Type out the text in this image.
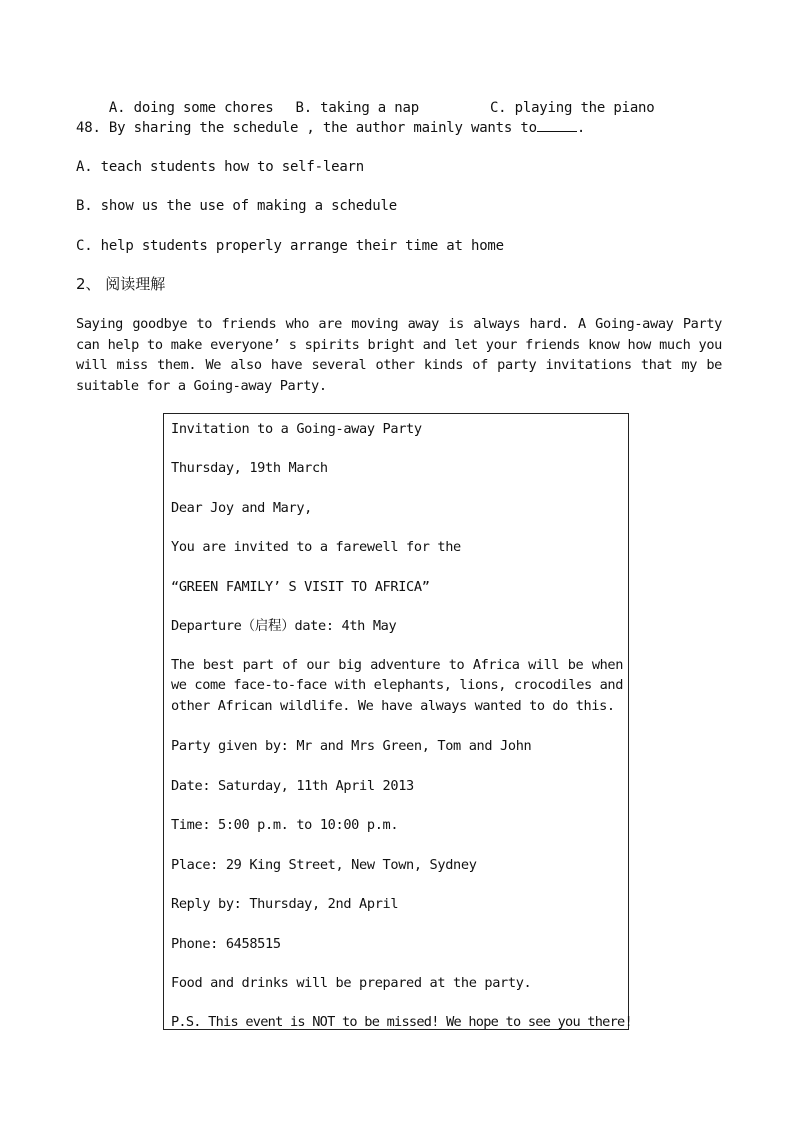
A. doing some chores B. taking a nap	C. playing the piano

48. By sharing the schedule , the author mainly wants to	.
A. teach students how to self-learn
B. show us the use of making a schedule
C. help students properly arrange their time at home
2、 阅读理解
Saying goodbye to friends who are moving away is always hard. A Going-away Party can help to make everyone’ s spirits bright and let your friends know how much you will miss them. We also have several other kinds of party invitations that my be suitable for a Going-away Party.
Invitation to a Going-away Party
Thursday, 19th March
Dear Joy and Mary,
You are invited to a farewell for the
“GREEN FAMILY’ S VISIT TO AFRICA”
Departure（启程）date: 4th May
The best part of our big adventure to Africa will be when we come face-to-face with elephants, lions, crocodiles and other African wildlife. We have always wanted to do this.
Party given by: Mr and Mrs Green, Tom and John
Date: Saturday, 11th April 2013
Time: 5:00 p.m. to 10:00 p.m.
Place: 29 King Street, New Town, Sydney
Reply by: Thursday, 2nd April
Phone: 6458515
Food and drinks will be prepared at the party.
P.S. This event is NOT to be missed! We hope to see you there!
